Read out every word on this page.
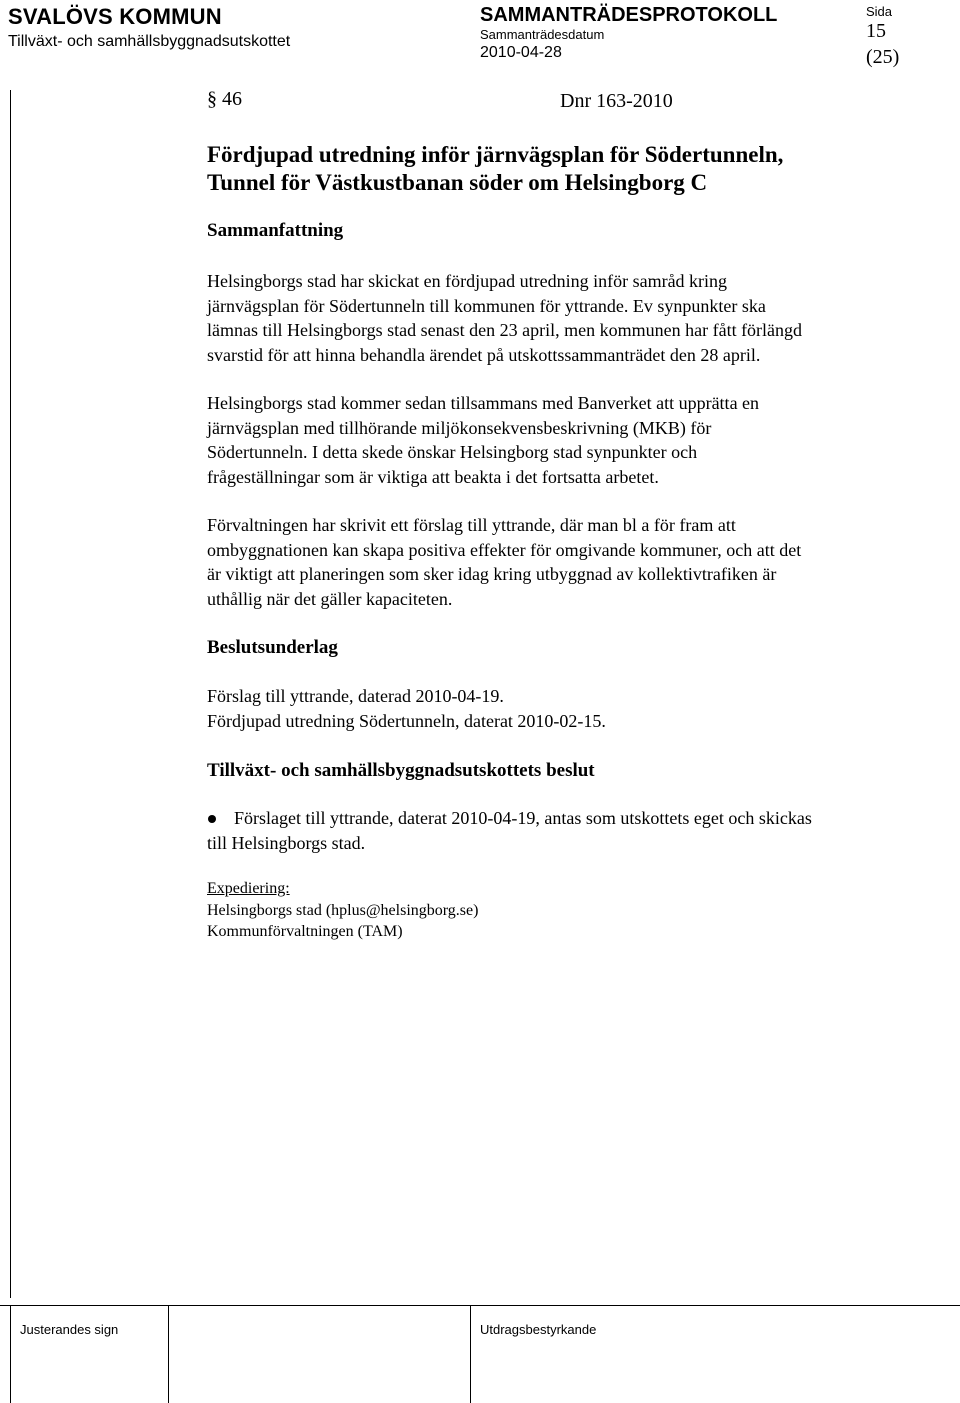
SVALÖVS KOMMUN
Tillväxt- och samhällsbyggnadsutskottet
SAMMANTRÄDESPROTOKOLL
Sammanträdesdatum
2010-04-28
Sida
15
(25)
§ 46	Dnr 163-2010
Fördjupad utredning inför järnvägsplan för Södertunneln,
Tunnel för Västkustbanan söder om Helsingborg C
Sammanfattning
Helsingborgs stad har skickat en fördjupad utredning inför samråd kring
järnvägsplan för Södertunneln till kommunen för yttrande. Ev synpunkter ska
lämnas till Helsingborgs stad senast den 23 april, men kommunen har fått förlängd
svarstid för att hinna behandla ärendet på utskottssammanträdet den 28 april.
Helsingborgs stad kommer sedan tillsammans med Banverket att upprätta en
järnvägsplan med tillhörande miljökonsekvensbeskrivning (MKB) för
Södertunneln. I detta skede önskar Helsingborg stad synpunkter och
frågeställningar som är viktiga att beakta i det fortsatta arbetet.
Förvaltningen har skrivit ett förslag till yttrande, där man bl a för fram att
ombyggnationen kan skapa positiva effekter för omgivande kommuner, och att det
är viktigt att planeringen som sker idag kring utbyggnad av kollektivtrafiken är
uthållig när det gäller kapaciteten.
Beslutsunderlag
Förslag till yttrande, daterad 2010-04-19.
Fördjupad utredning Södertunneln, daterat 2010-02-15.
Tillväxt- och samhällsbyggnadsutskottets beslut
Förslaget till yttrande, daterat 2010-04-19, antas som utskottets eget och skickas
till Helsingborgs stad.
Expediering:
Helsingborgs stad (hplus@helsingborg.se)
Kommunförvaltningen (TAM)
Justerandes sign	Utdragsbestyrkande
